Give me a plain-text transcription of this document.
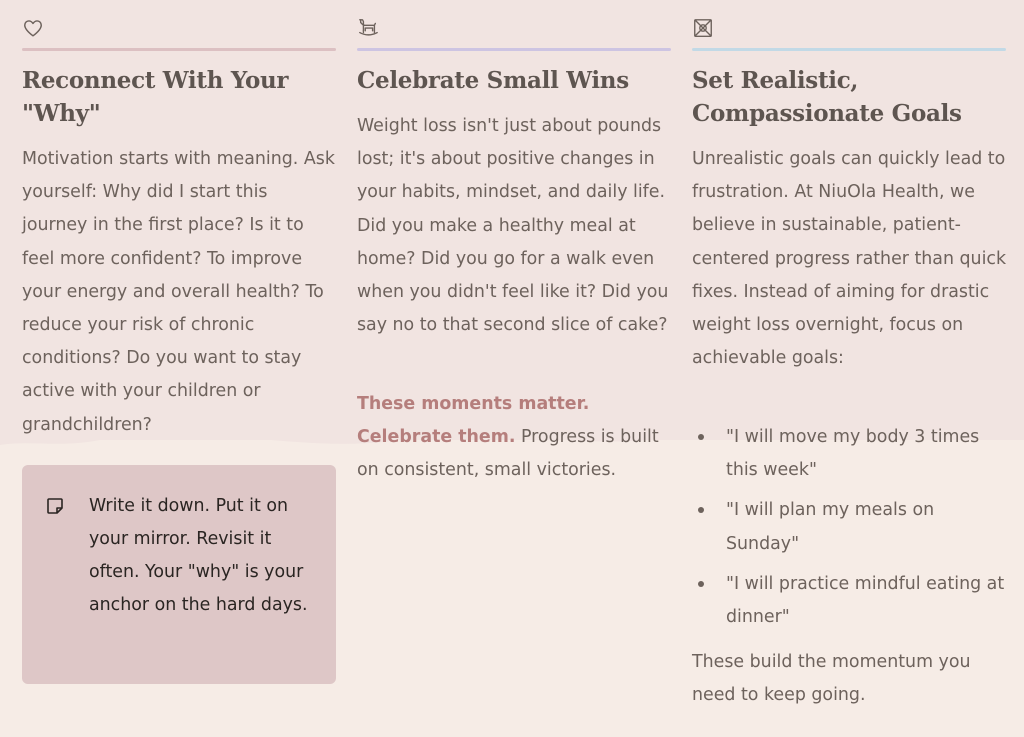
Reconnect With Your "Why"

Motivation starts with meaning. Ask yourself: Why did I start this journey in the first place? Is it to feel more confident? To improve your energy and overall health? To reduce your risk of chronic conditions? Do you want to stay active with your children or grandchildren?

Write it down. Put it on your mirror. Revisit it often. Your "why" is your anchor on the hard days.

Celebrate Small Wins

Weight loss isn't just about pounds lost; it's about positive changes in your habits, mindset, and daily life. Did you make a healthy meal at home? Did you go for a walk even when you didn't feel like it? Did you say no to that second slice of cake?

These moments matter. Celebrate them. Progress is built on consistent, small victories.

Set Realistic, Compassionate Goals

Unrealistic goals can quickly lead to frustration. At NiuOla Health, we believe in sustainable, patient-centered progress rather than quick fixes. Instead of aiming for drastic weight loss overnight, focus on achievable goals:

"I will move my body 3 times this week"
"I will plan my meals on Sunday"
"I will practice mindful eating at dinner"

These build the momentum you need to keep going.
